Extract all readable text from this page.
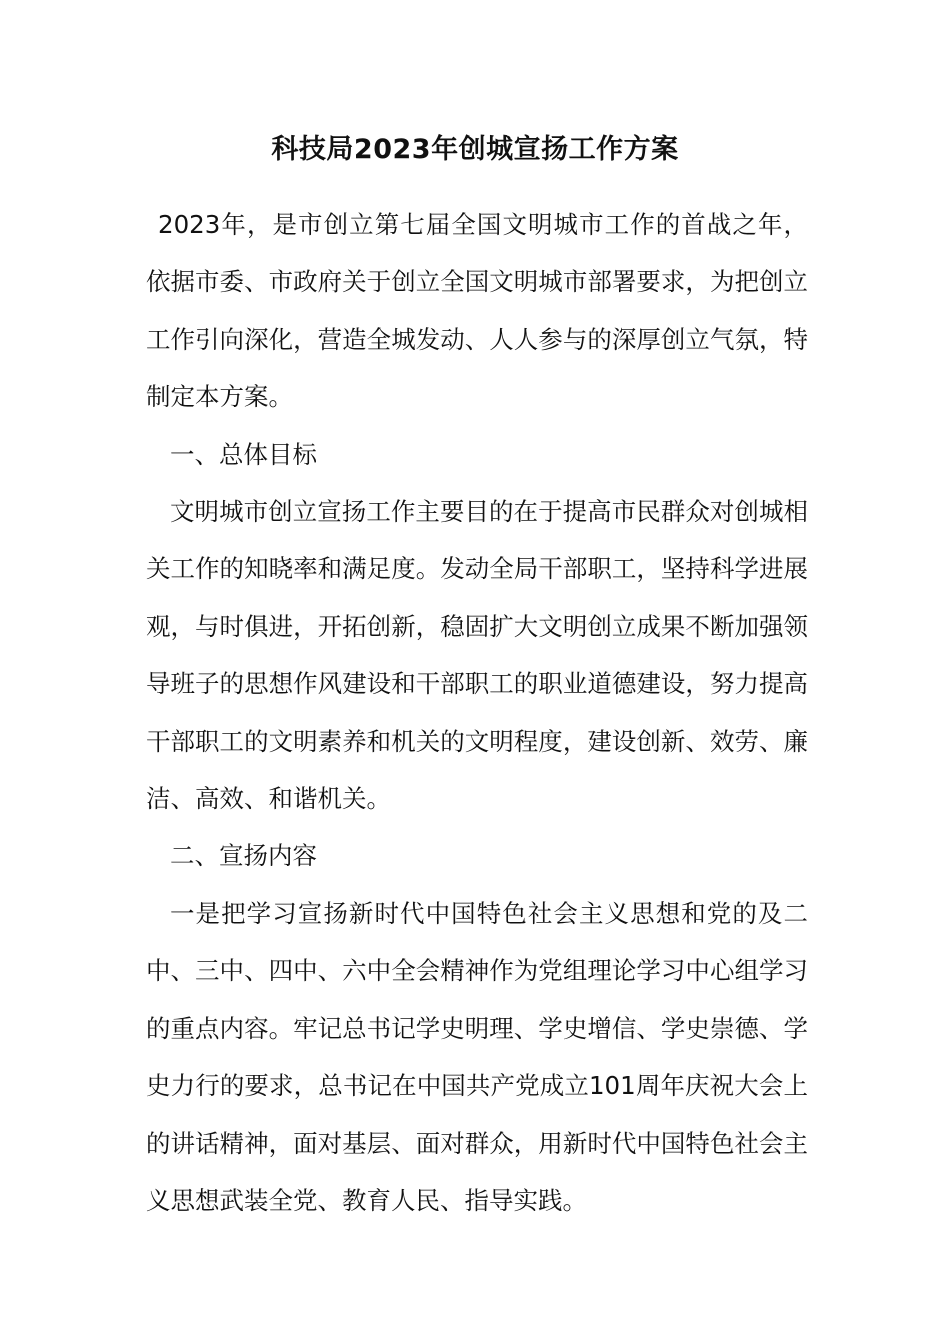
科技局2023年创城宣扬工作方案

2023年，是市创立第七届全国文明城市工作的首战之年，依据市委、市政府关于创立全国文明城市部署要求，为把创立工作引向深化，营造全城发动、人人参与的深厚创立气氛，特制定本方案。

一、总体目标

文明城市创立宣扬工作主要目的在于提高市民群众对创城相关工作的知晓率和满足度。发动全局干部职工，坚持科学进展观，与时俱进，开拓创新，稳固扩大文明创立成果不断加强领导班子的思想作风建设和干部职工的职业道德建设，努力提高干部职工的文明素养和机关的文明程度，建设创新、效劳、廉洁、高效、和谐机关。

二、宣扬内容

一是把学习宣扬新时代中国特色社会主义思想和党的及二中、三中、四中、六中全会精神作为党组理论学习中心组学习的重点内容。牢记总书记学史明理、学史增信、学史崇德、学史力行的要求，总书记在中国共产党成立101周年庆祝大会上的讲话精神，面对基层、面对群众，用新时代中国特色社会主义思想武装全党、教育人民、指导实践。
